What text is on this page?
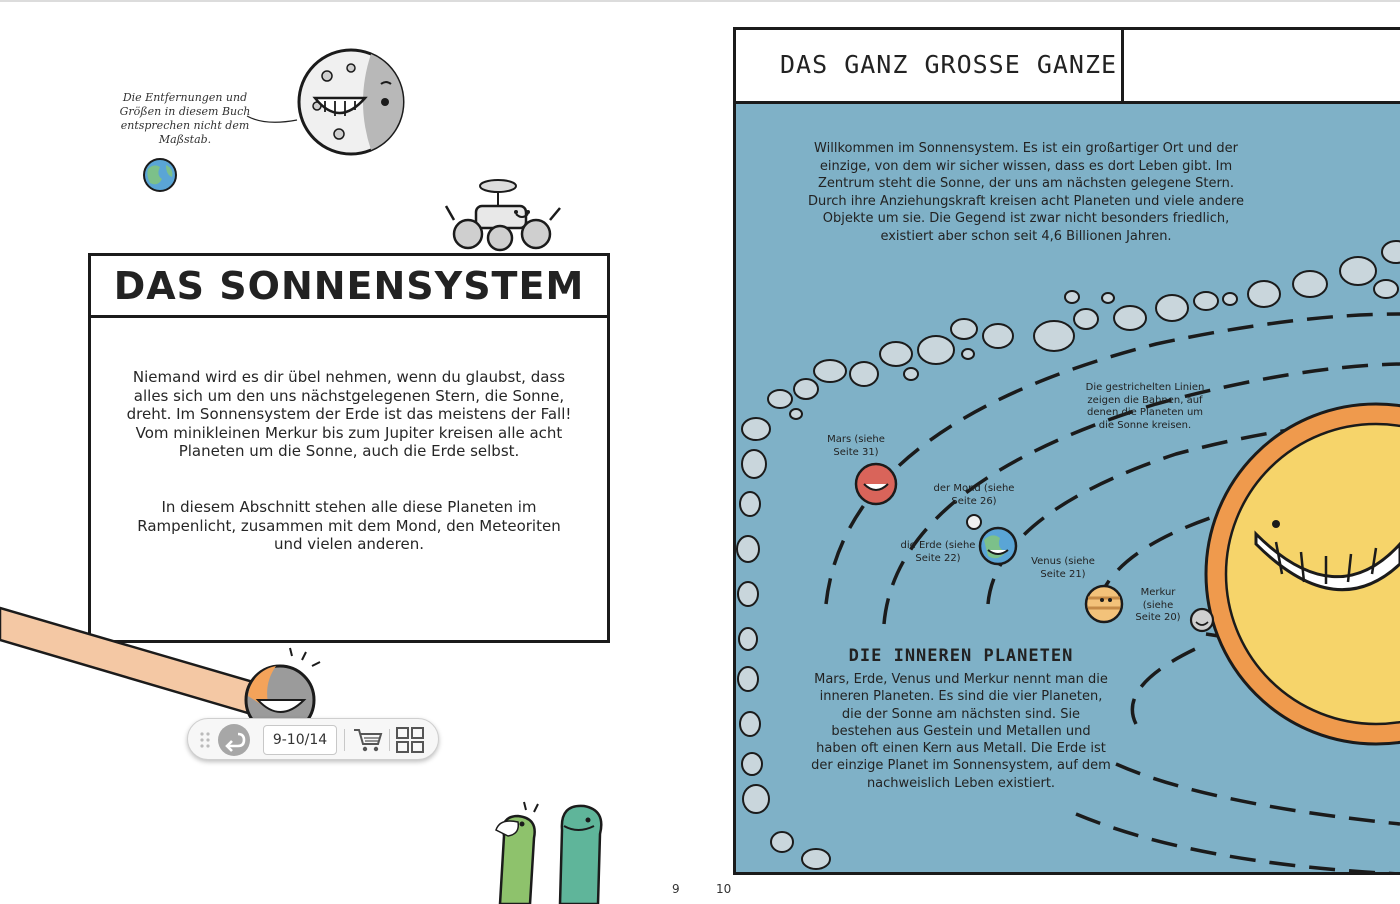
Die Entfernungen und Größen in diesem Buch entsprechen nicht dem Maßstab.

DAS SONNENSYSTEM

Niemand wird es dir übel nehmen, wenn du glaubst, dass alles sich um den uns nächstgelegenen Stern, die Sonne, dreht. Im Sonnensystem der Erde ist das meistens der Fall! Vom minikleinen Merkur bis zum Jupiter kreisen alle acht Planeten um die Sonne, auch die Erde selbst.

In diesem Abschnitt stehen alle diese Planeten im Rampenlicht, zusammen mit dem Mond, den Meteoriten und vielen anderen.

9-10/14
9
DAS GANZ GROSSE GANZE

Willkommen im Sonnensystem. Es ist ein großartiger Ort und der einzige, von dem wir sicher wissen, dass es dort Leben gibt. Im Zentrum steht die Sonne, der uns am nächsten gelegene Stern. Durch ihre Anziehungskraft kreisen acht Planeten und viele andere Objekte um sie. Die Gegend ist zwar nicht besonders friedlich, existiert aber schon seit 4,6 Billionen Jahren.

Die gestrichelten Linien zeigen die Bahnen, auf denen die Planeten um die Sonne kreisen.

Mars (siehe Seite 31)

der Mond (siehe Seite 26)

die Erde (siehe Seite 22)	Venus (siehe Seite 21)

Merkur (siehe Seite 20)

DIE INNEREN PLANETEN

Mars, Erde, Venus und Merkur nennt man die inneren Planeten. Es sind die vier Planeten, die der Sonne am nächsten sind. Sie bestehen aus Gestein und Metallen und haben oft einen Kern aus Metall. Die Erde ist der einzige Planet im Sonnensystem, auf dem nachweislich Leben existiert.

10
